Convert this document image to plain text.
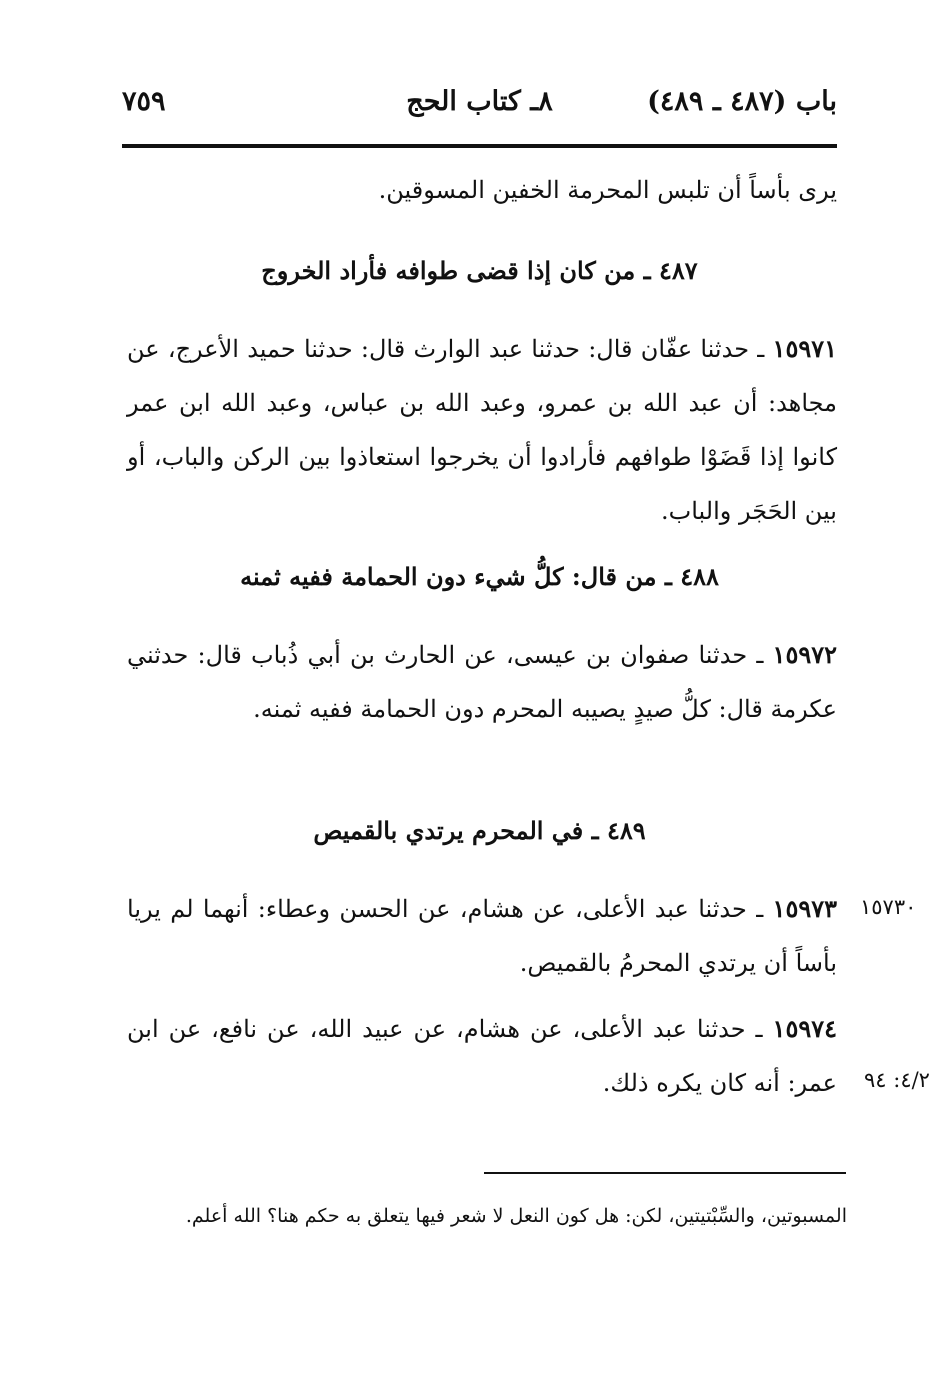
باب (٤٨٧ ـ ٤٨٩)
٨ـ كتاب الحج
٧٥٩
يرى بأساً أن تلبس المحرمة الخفين المسوقين.
٤٨٧ ـ من كان إذا قضى طوافه فأراد الخروج
١٥٩٧١ ـ حدثنا عفّان قال: حدثنا عبد الوارث قال: حدثنا حميد الأعرج، عن مجاهد: أن عبد الله بن عمرو، وعبد الله بن عباس، وعبد الله ابن عمر كانوا إذا قَضَوْا طوافهم فأرادوا أن يخرجوا استعاذوا بين الركن والباب، أو بين الحَجَر والباب.
٤٨٨ ـ من قال: كلُّ شيء دون الحمامة ففيه ثمنه
١٥٩٧٢ ـ حدثنا صفوان بن عيسى، عن الحارث بن أبي ذُباب قال: حدثني عكرمة قال: كلُّ صيدٍ يصيبه المحرم دون الحمامة ففيه ثمنه.
٤٨٩ ـ في المحرم يرتدي بالقميص
١٥٩٧٣ ـ حدثنا عبد الأعلى، عن هشام، عن الحسن وعطاء: أنهما لم يريا بأساً أن يرتدي المحرمُ بالقميص.
١٥٧٣٠
١٥٩٧٤ ـ حدثنا عبد الأعلى، عن هشام، عن عبيد الله، عن نافع، عن ابن عمر: أنه كان يكره ذلك. ٤/٢: ٩٤
المسبوتين، والسِّبْتيتين، لكن: هل كون النعل لا شعر فيها يتعلق به حكم هنا؟ الله أعلم.
